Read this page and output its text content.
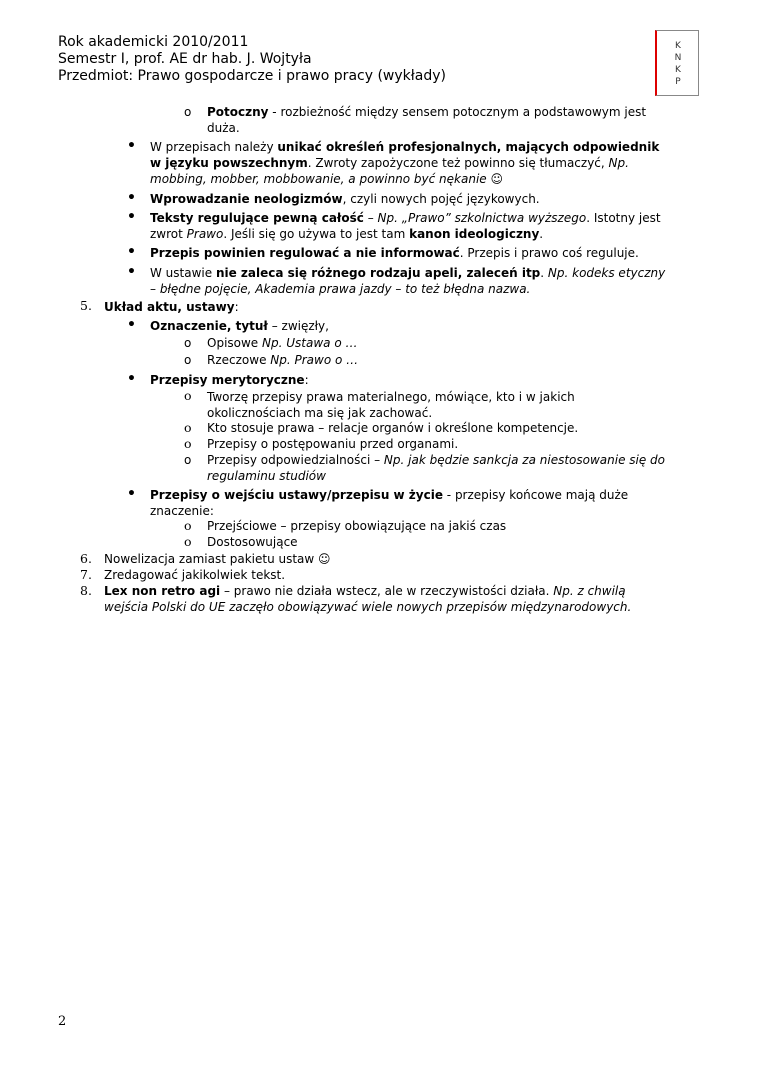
Rok akademicki 2010/2011
Semestr I, prof. AE dr hab. J. Wojtyła
Przedmiot: Prawo gospodarcze i prawo pracy (wykłady)
K
N
K
P
o Potoczny - rozbieżność między sensem potocznym a podstawowym jest
duża.
• W przepisach należy unikać określeń profesjonalnych, mających odpowiednik
w języku powszechnym. Zwroty zapożyczone też powinno się tłumaczyć, Np.
mobbing, mobber, mobbowanie, a powinno być nękanie ☺
• Wprowadzanie neologizmów, czyli nowych pojęć językowych.
• Teksty regulujące pewną całość – Np. „Prawo” szkolnictwa wyższego. Istotny jest
zwrot Prawo. Jeśli się go używa to jest tam kanon ideologiczny.
• Przepis powinien regulować a nie informować. Przepis i prawo coś reguluje.
• W ustawie nie zaleca się różnego rodzaju apeli, zaleceń itp. Np. kodeks etyczny
– błędne pojęcie, Akademia prawa jazdy – to też błędna nazwa.
5. Układ aktu, ustawy:
• Oznaczenie, tytuł – zwięzły,
o Opisowe Np. Ustawa o …
o Rzeczowe Np. Prawo o …
• Przepisy merytoryczne:
o Tworzę przepisy prawa materialnego, mówiące, kto i w jakich
okolicznościach ma się jak zachować.
o Kto stosuje prawa – relacje organów i określone kompetencje.
o Przepisy o postępowaniu przed organami.
o Przepisy odpowiedzialności – Np. jak będzie sankcja za niestosowanie się do
regulaminu studiów
• Przepisy o wejściu ustawy/przepisu w życie - przepisy końcowe mają duże
znaczenie:
o Przejściowe – przepisy obowiązujące na jakiś czas
o Dostosowujące
6. Nowelizacja zamiast pakietu ustaw ☺
7. Zredagować jakikolwiek tekst.
8. Lex non retro agi – prawo nie działa wstecz, ale w rzeczywistości działa. Np. z chwilą
wejścia Polski do UE zaczęło obowiązywać wiele nowych przepisów międzynarodowych.
2
